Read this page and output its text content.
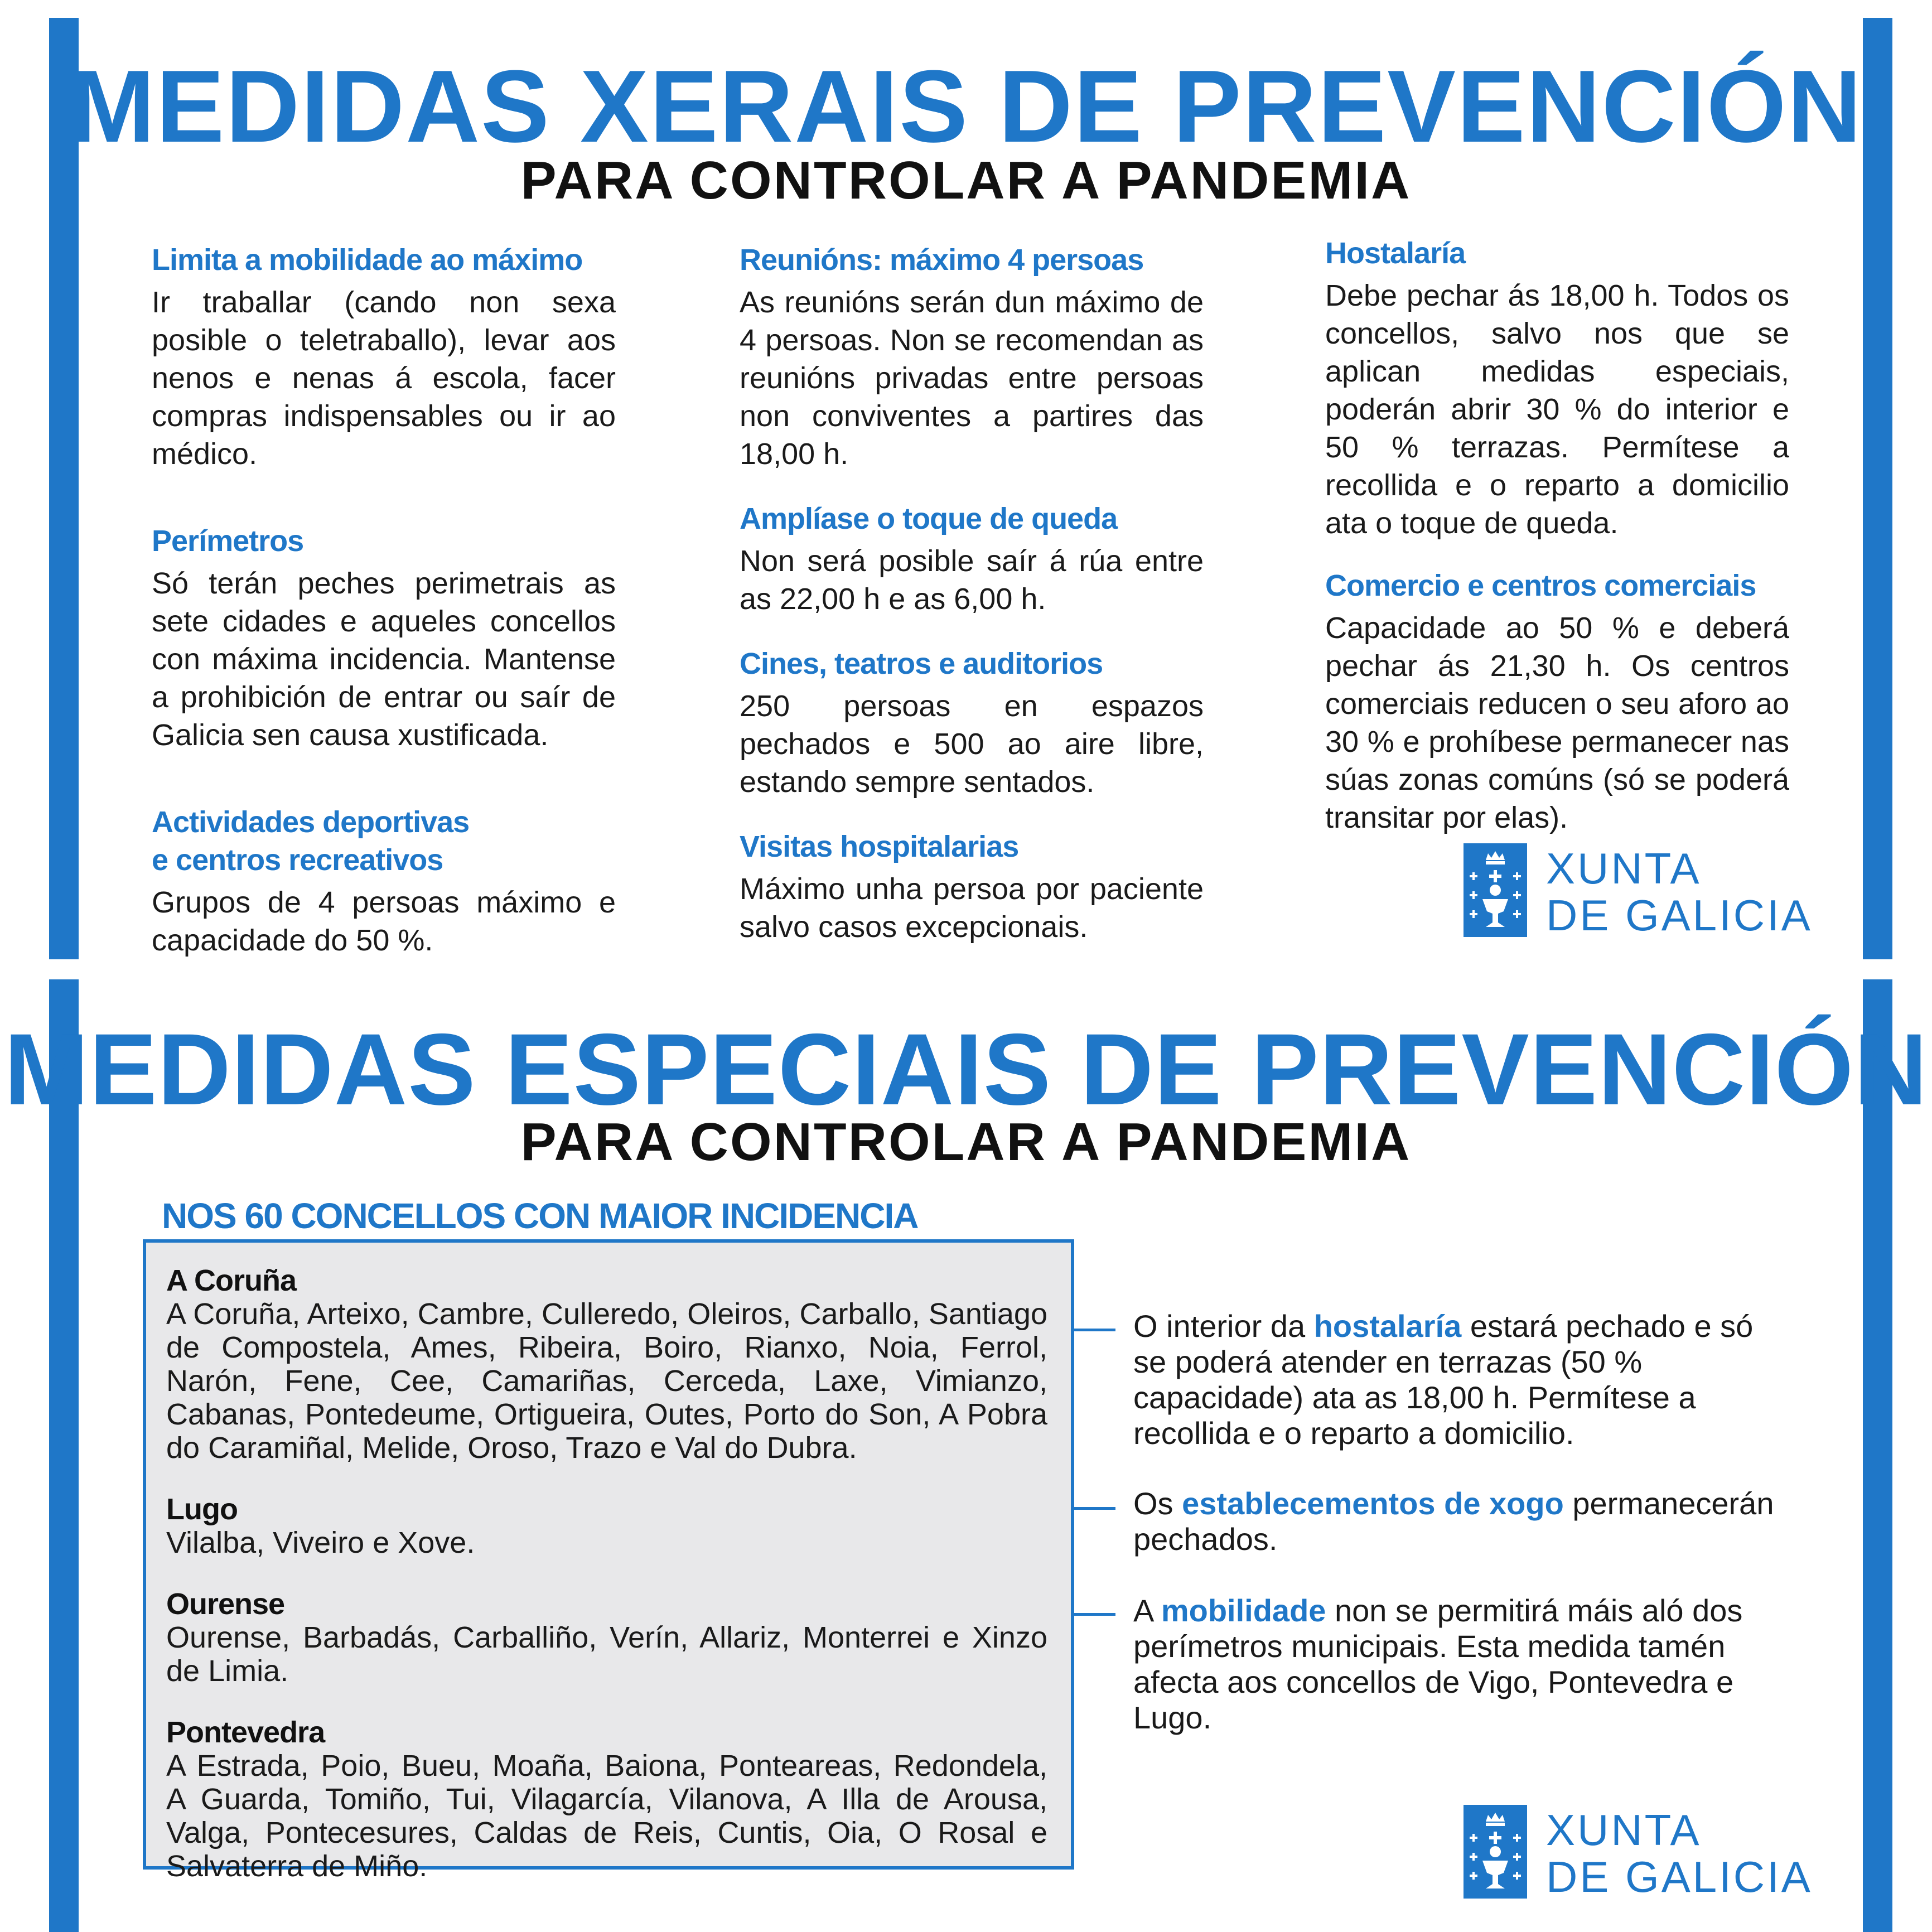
MEDIDAS XERAIS DE PREVENCIÓN
PARA CONTROLAR A PANDEMIA
Limita a mobilidade ao máximo

Ir traballar (cando non sexa posible o teletraballo), levar aos nenos e nenas á escola, facer compras indispensables ou ir ao médico.

Perímetros

Só terán peches perimetrais as sete cidades e aqueles concellos con máxima incidencia. Mantense a prohibición de entrar ou saír de Galicia sen causa xustificada.

Actividades deportivas e centros recreativos

Grupos de 4 persoas máximo e capacidade do 50 %.

Reunións: máximo 4 persoas

As reunións serán dun máximo de 4 persoas. Non se recomendan as reunións privadas entre persoas non conviventes a partires das 18,00 h.

Amplíase o toque de queda

Non será posible saír á rúa entre as 22,00 h e as 6,00 h.

Cines, teatros e auditorios

250 persoas en espazos pechados e 500 ao aire libre, estando sempre sentados.

Visitas hospitalarias

Máximo unha persoa por paciente salvo casos excepcionais.

Hostalaría

Debe pechar ás 18,00 h. Todos os concellos, salvo nos que se aplican medidas especiais, poderán abrir 30 % do interior e 50 % terrazas. Permítese a recollida e o reparto a domicilio ata o toque de queda.

Comercio e centros comerciais

Capacidade ao 50 % e deberá pechar ás 21,30 h. Os centros comerciais reducen o seu aforo ao 30 % e prohíbese permanecer nas súas zonas comúns (só se poderá transitar por elas).

XUNTA
DE GALICIA
MEDIDAS ESPECIAIS DE PREVENCIÓN
PARA CONTROLAR A PANDEMIA
NOS 60 CONCELLOS CON MAIOR INCIDENCIA
A Coruña

A Coruña, Arteixo, Cambre, Culleredo, Oleiros, Carballo, Santiago de Compostela, Ames, Ribeira, Boiro, Rianxo, Noia, Ferrol, Narón, Fene, Cee, Camariñas, Cerceda, Laxe, Vimianzo, Cabanas, Pontedeume, Ortigueira, Outes, Porto do Son, A Pobra do Caramiñal, Melide, Oroso, Trazo e Val do Dubra.

Lugo

Vilalba, Viveiro e Xove.

Ourense

Ourense, Barbadás, Carballiño, Verín, Allariz, Monterrei e Xinzo de Limia.

Pontevedra

A Estrada, Poio, Bueu, Moaña, Baiona, Ponteareas, Redondela, A Guarda, Tomiño, Tui, Vilagarcía, Vilanova, A Illa de Arousa, Valga, Pontecesures, Caldas de Reis, Cuntis, Oia, O Rosal e Salvaterra de Miño.

O interior da hostalaría estará pechado e só se poderá atender en terrazas (50 % capacidade) ata as 18,00 h. Permítese a recollida e o reparto a domicilio.

Os establecementos de xogo permanecerán pechados.

A mobilidade non se permitirá máis aló dos perímetros municipais. Esta medida tamén afecta aos concellos de Vigo, Pontevedra e Lugo.

XUNTA
DE GALICIA
